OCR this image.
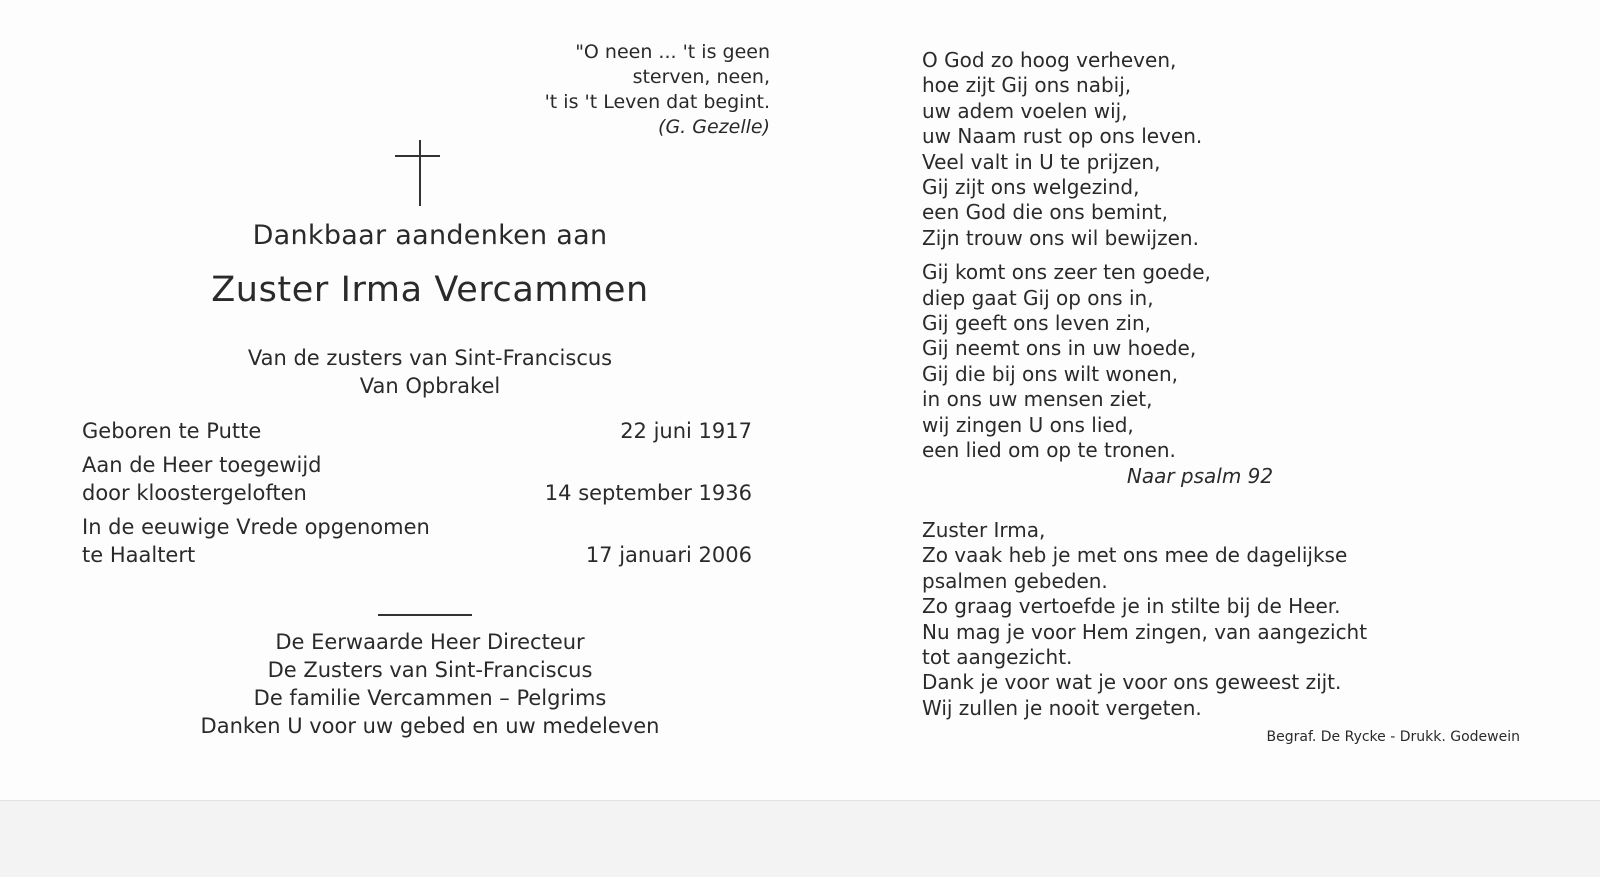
"O neen ... 't is geen
sterven, neen,
't is 't Leven dat begint.
(G. Gezelle)
Dankbaar aandenken aan
Zuster Irma Vercammen
Van de zusters van Sint-Franciscus
Van Opbrakel
Geboren te Putte	22 juni 1917
Aan de Heer toegewijd
door kloostergeloften	14 september 1936
In de eeuwige Vrede opgenomen
te Haaltert	17 januari 2006
De Eerwaarde Heer Directeur
De Zusters van Sint-Franciscus
De familie Vercammen – Pelgrims
Danken U voor uw gebed en uw medeleven
O God zo hoog verheven,
hoe zijt Gij ons nabij,
uw adem voelen wij,
uw Naam rust op ons leven.
Veel valt in U te prijzen,
Gij zijt ons welgezind,
een God die ons bemint,
Zijn trouw ons wil bewijzen.
Gij komt ons zeer ten goede,
diep gaat Gij op ons in,
Gij geeft ons leven zin,
Gij neemt ons in uw hoede,
Gij die bij ons wilt wonen,
in ons uw mensen ziet,
wij zingen U ons lied,
een lied om op te tronen.
Naar psalm 92
Zuster Irma,
Zo vaak heb je met ons mee de dagelijkse
psalmen gebeden.
Zo graag vertoefde je in stilte bij de Heer.
Nu mag je voor Hem zingen, van aangezicht
tot aangezicht.
Dank je voor wat je voor ons geweest zijt.
Wij zullen je nooit vergeten.
Begraf. De Rycke - Drukk. Godewein
